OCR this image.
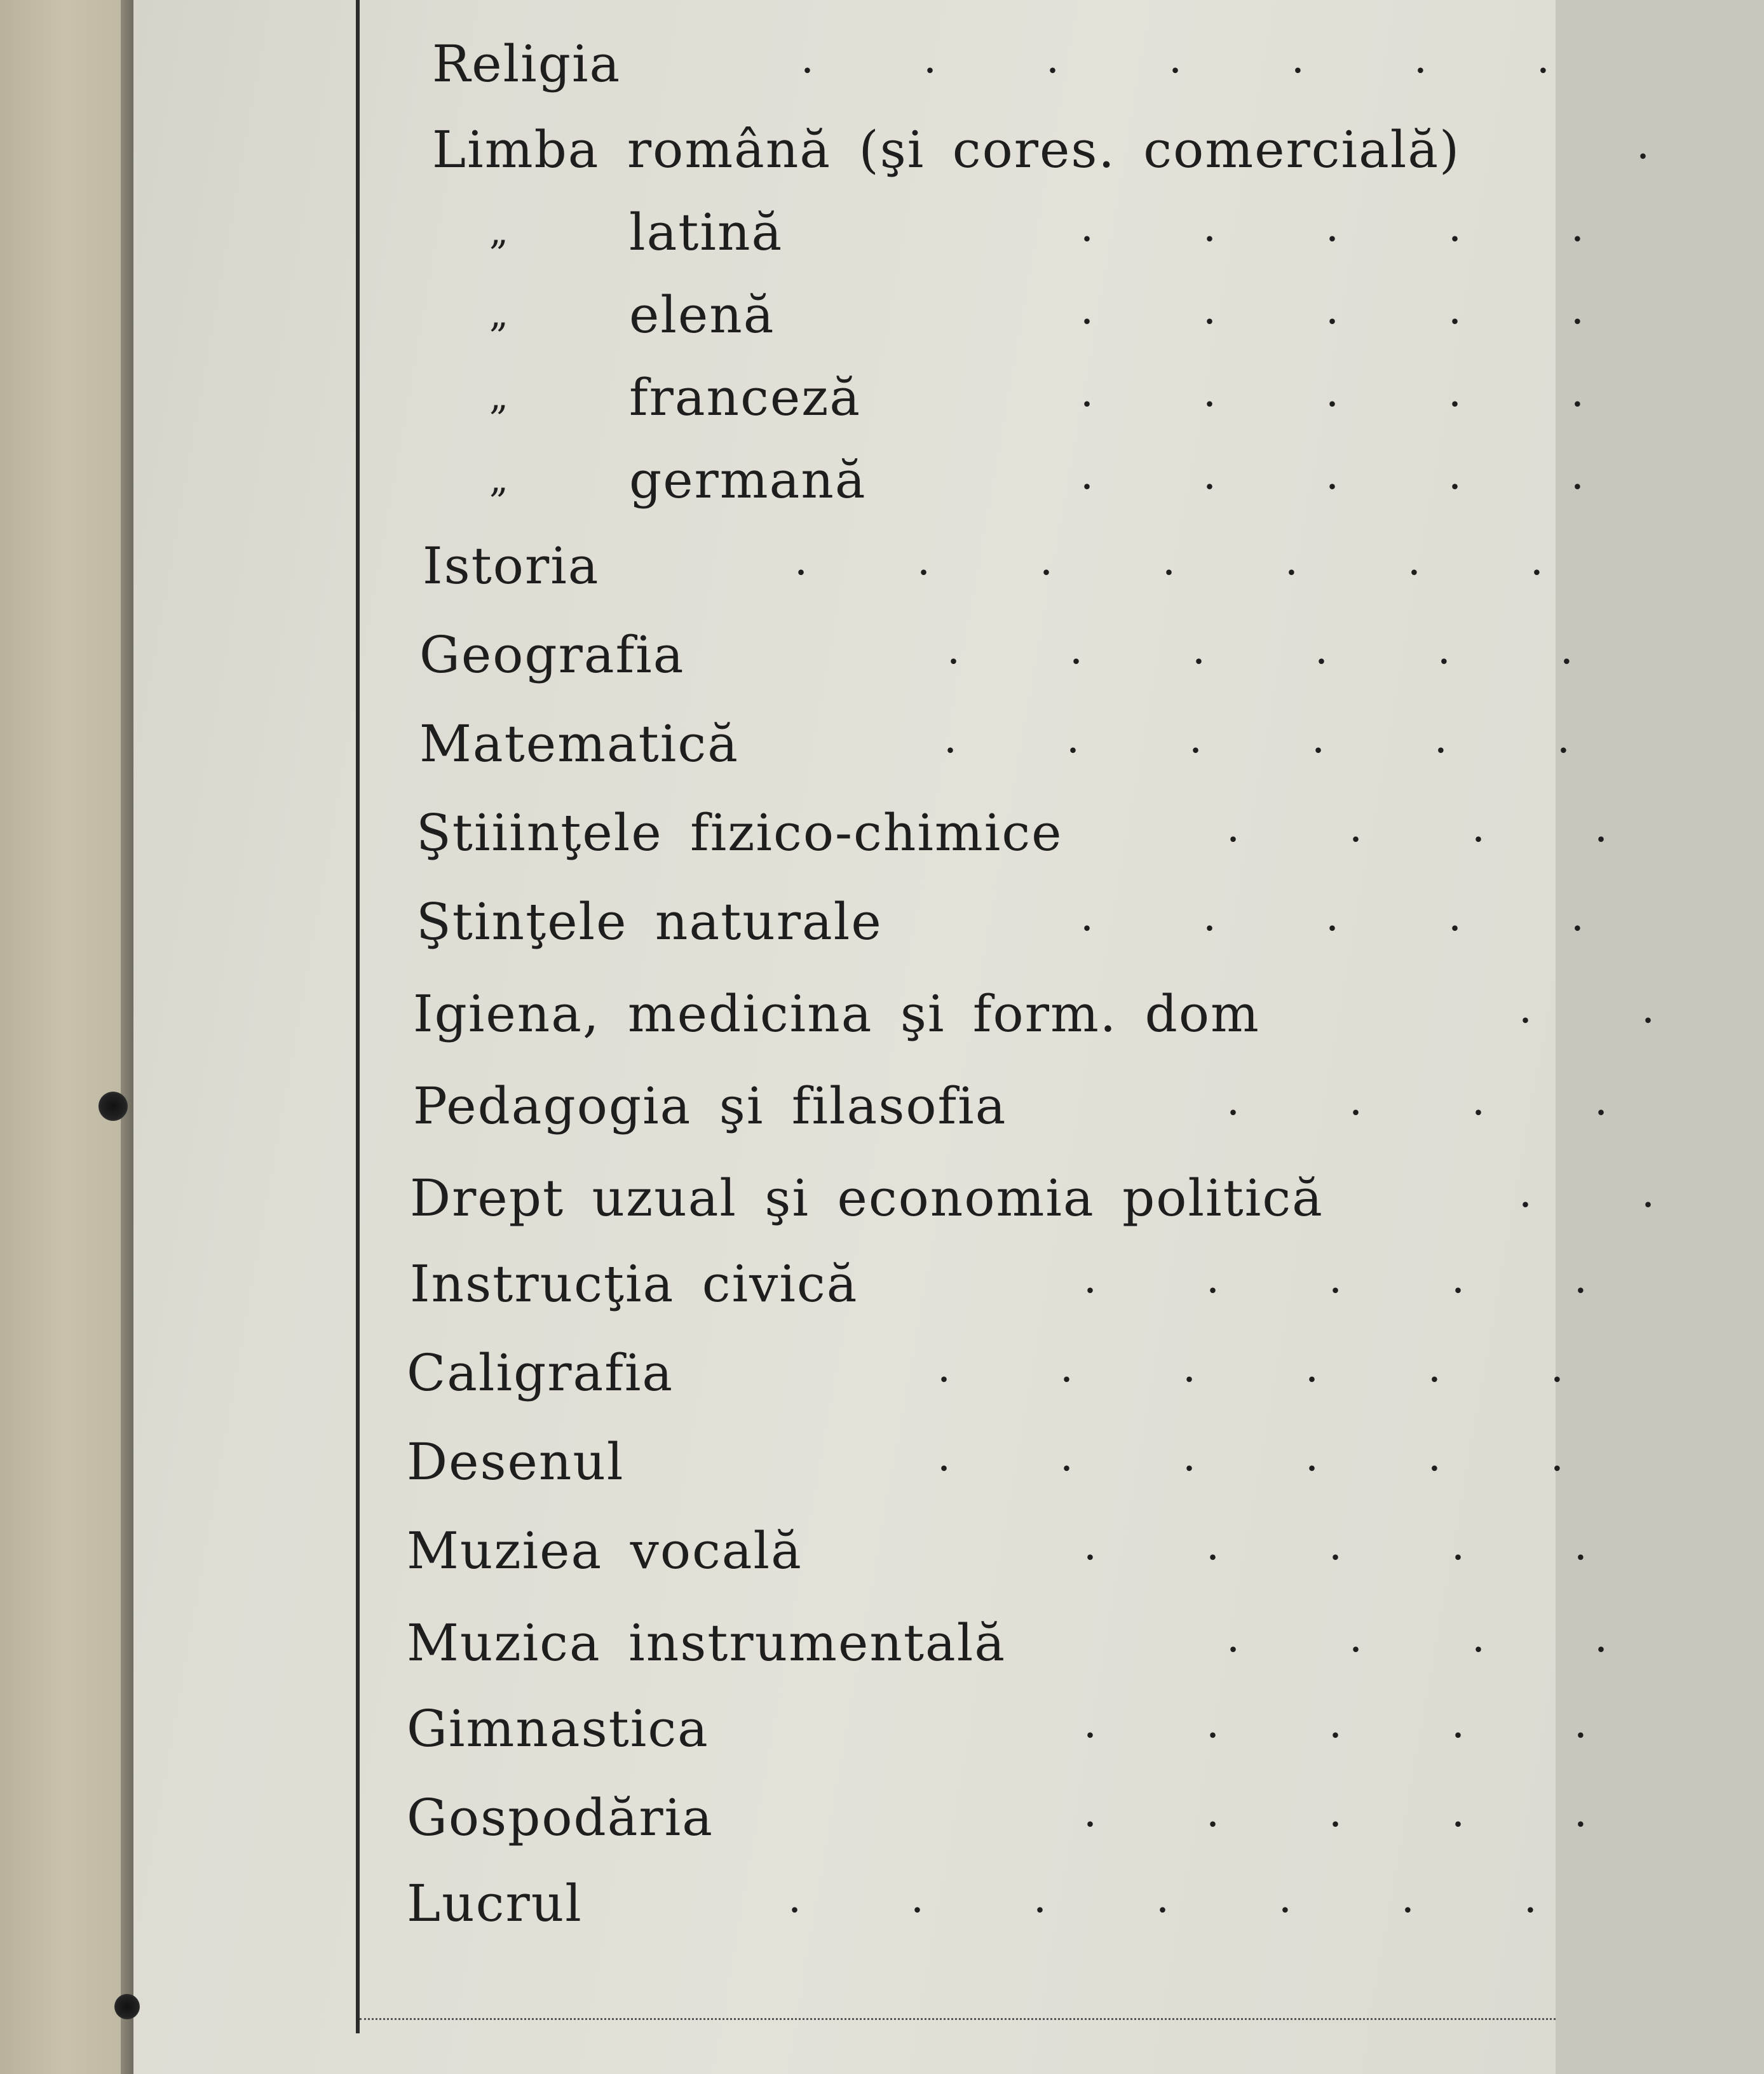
Religia	.......
Limba română (şi cores. comercială)	.
„ latină	.....
„ elenă	.....
„ franceză	.....
„ germană	.....
Istoria	.......
Geografia	......
Matematică	......
Ştiiinţele fizico-chimice	....
Ştinţele naturale	.....
Igiena, medicina şi form. dom	..
Pedagogia şi filasofia	....
Drept uzual şi economia politică	..
Instrucţia civică	.....
Caligrafia	......
Desenul	......
Muziea vocală	.....
Muzica instrumentală	....
Gimnastica	.....
Gospodăria	.....
Lucrul	.......
